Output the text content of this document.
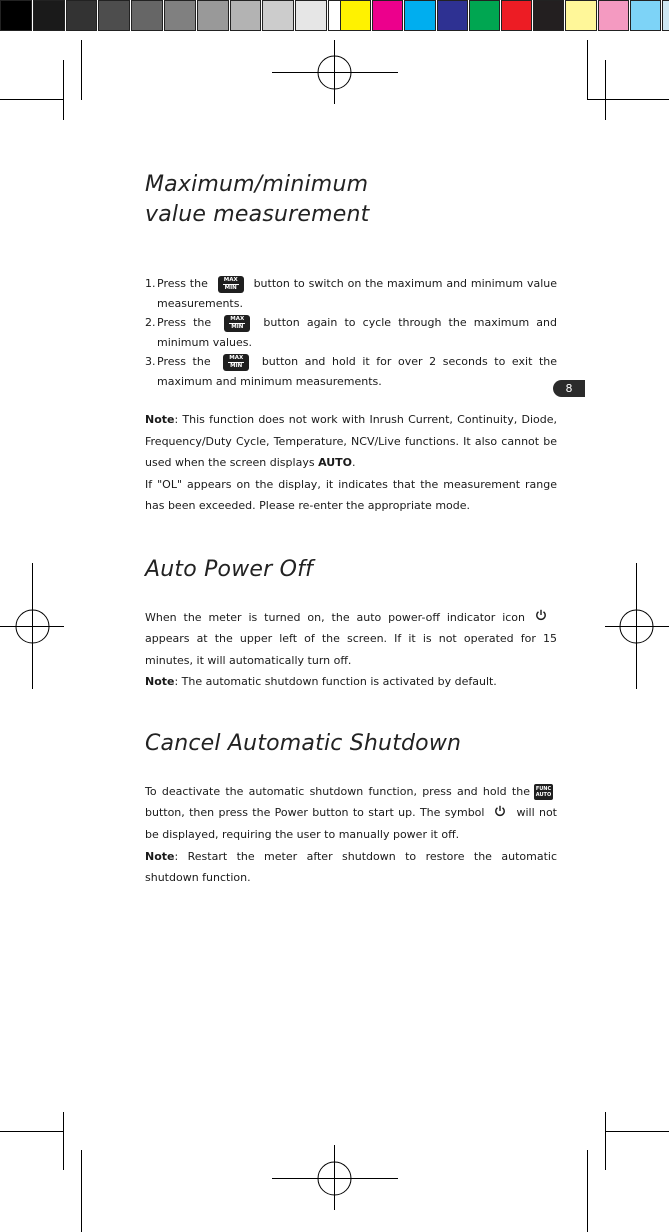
8
Maximum/minimum
value measurement
1. Press the	MAX
MIN button to switch on the maximum and minimum value measurements.
2. Press the	MAX
MIN button again to cycle through the maximum and minimum values.
3. Press the	MAX
MIN button and hold it for over 2 seconds to exit the maximum and minimum measurements.

Note: This function does not work with Inrush Current, Continuity, Diode, Frequency/Duty Cycle, Temperature, NCV/Live functions. It also cannot be used when the screen displays AUTO.

If "OL" appears on the display, it indicates that the measurement range has been exceeded. Please re-enter the appropriate mode.

Auto Power Off

When the meter is turned on, the auto power-off indicator iconappears at the upper left of the screen. If it is not operated for 15 minutes, it will automatically turn off.

Note: The automatic shutdown function is activated by default.

Cancel Automatic Shutdown

To deactivate the automatic shutdown function, press and hold the	FUNC
AUTO
button, then press the Power button to start up. The symbol	will not be displayed, requiring the user to manually power it off.

Note: Restart the meter after shutdown to restore the automatic shutdown function.
